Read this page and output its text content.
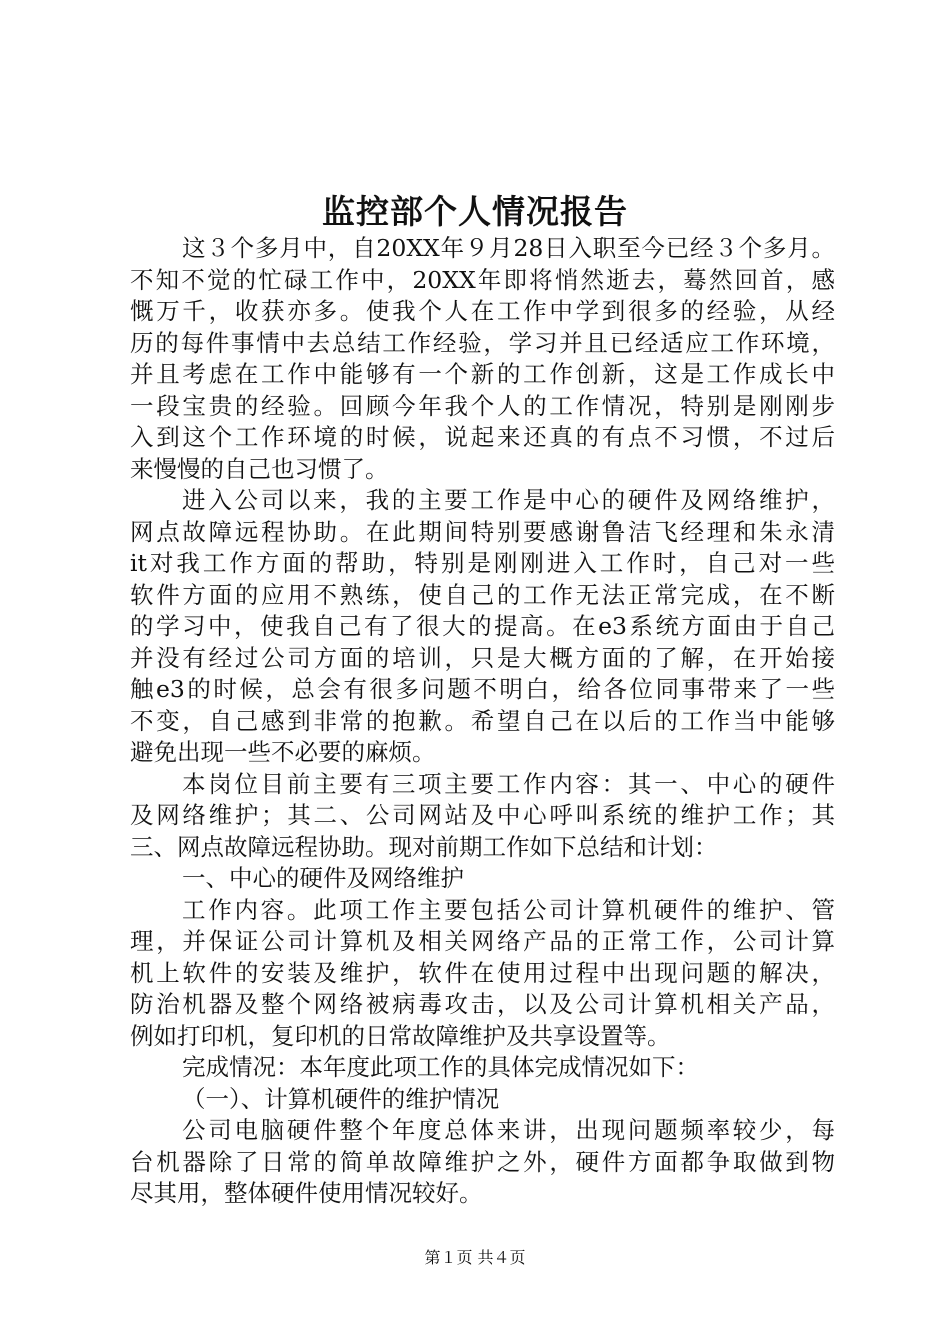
监控部个人情况报告
这３个多月中，自20XX年９月28日入职至今已经３个多月。
不知不觉的忙碌工作中，20XX年即将悄然逝去，蓦然回首，感
慨万千，收获亦多。使我个人在工作中学到很多的经验，从经
历的每件事情中去总结工作经验，学习并且已经适应工作环境，
并且考虑在工作中能够有一个新的工作创新，这是工作成长中
一段宝贵的经验。回顾今年我个人的工作情况，特别是刚刚步
入到这个工作环境的时候，说起来还真的有点不习惯，不过后
来慢慢的自己也习惯了。
进入公司以来，我的主要工作是中心的硬件及网络维护，
网点故障远程协助。在此期间特别要感谢鲁洁飞经理和朱永清
it对我工作方面的帮助，特别是刚刚进入工作时，自己对一些
软件方面的应用不熟练，使自己的工作无法正常完成，在不断
的学习中，使我自己有了很大的提高。在e3系统方面由于自己
并没有经过公司方面的培训，只是大概方面的了解，在开始接
触e3的时候，总会有很多问题不明白，给各位同事带来了一些
不变，自己感到非常的抱歉。希望自己在以后的工作当中能够
避免出现一些不必要的麻烦。
本岗位目前主要有三项主要工作内容：其一、中心的硬件
及网络维护；其二、公司网站及中心呼叫系统的维护工作；其
三、网点故障远程协助。现对前期工作如下总结和计划：
一、中心的硬件及网络维护
工作内容。此项工作主要包括公司计算机硬件的维护、管
理，并保证公司计算机及相关网络产品的正常工作，公司计算
机上软件的安装及维护，软件在使用过程中出现问题的解决，
防治机器及整个网络被病毒攻击，以及公司计算机相关产品，
例如打印机，复印机的日常故障维护及共享设置等。
完成情况：本年度此项工作的具体完成情况如下：
（一）、计算机硬件的维护情况
公司电脑硬件整个年度总体来讲，出现问题频率较少，每
台机器除了日常的简单故障维护之外，硬件方面都争取做到物
尽其用，整体硬件使用情况较好。
第１页 共４页
